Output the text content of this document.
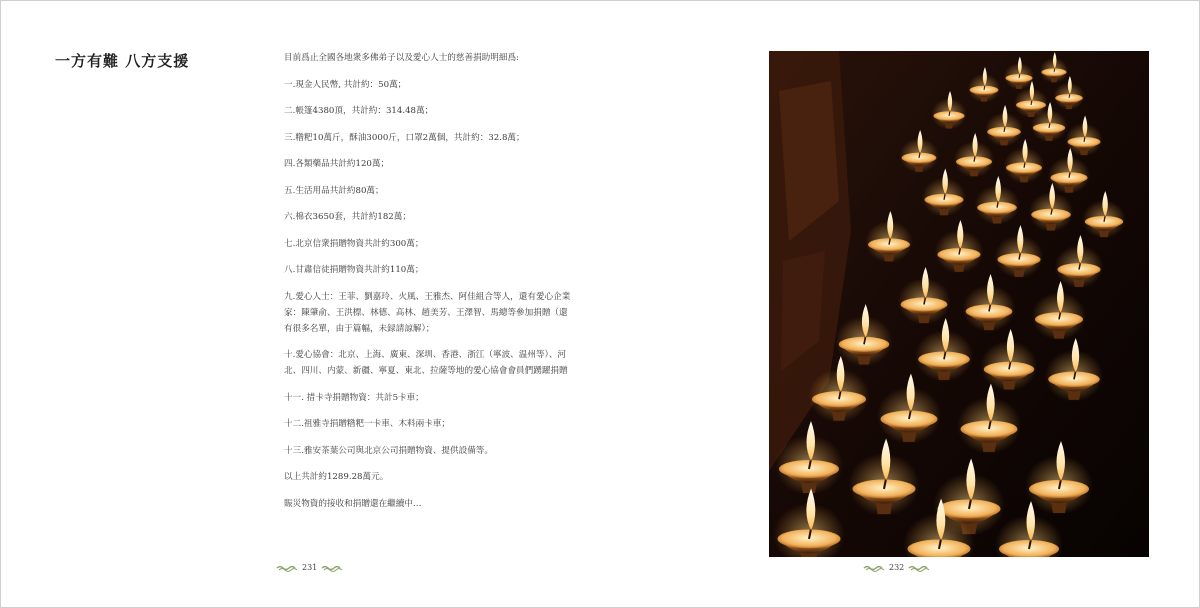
一方有難 八方支援	目前爲止全國各地衆多佛弟子以及愛心人士的慈善捐助明細爲:

一.現金人民幣, 共計約：50萬；

二.帳篷4380頂，共計約：314.48萬；

三.糌粑10萬斤，酥油3000斤，口罩2萬個，共計約：32.8萬；

四.各類藥品共計約120萬；

五.生活用品共計約80萬；

六.棉衣3650套，共計約182萬；

七.北京信衆捐贈物資共計約300萬；

八.甘肅信徒捐贈物資共計約110萬；

九.愛心人士：王菲、劉嘉玲、火風、王雅杰、阿佳組合等人，還有愛心企業家：陳肇俞、王洪標、林德、高林、趙美芳、王澤智、馬總等參加捐贈（還有很多名單，由于篇幅，未録請諒解）；

十.愛心協會：北京、上海、廣東、深圳、香港、浙江（寧波、温州等）、河北、四川、内蒙、新疆、寧夏、東北、拉薩等地的愛心協會會員們踴躍捐贈

十一. 措卡寺捐贈物資：共計5卡車；

十二.祖雅寺捐贈糌粑一卡車、木料兩卡車；

十三.雅安茶葉公司與北京公司捐贈物資、提供設備等。

以上共計約1289.28萬元。

賑災物資的接收和捐贈還在繼續中…

231	232
